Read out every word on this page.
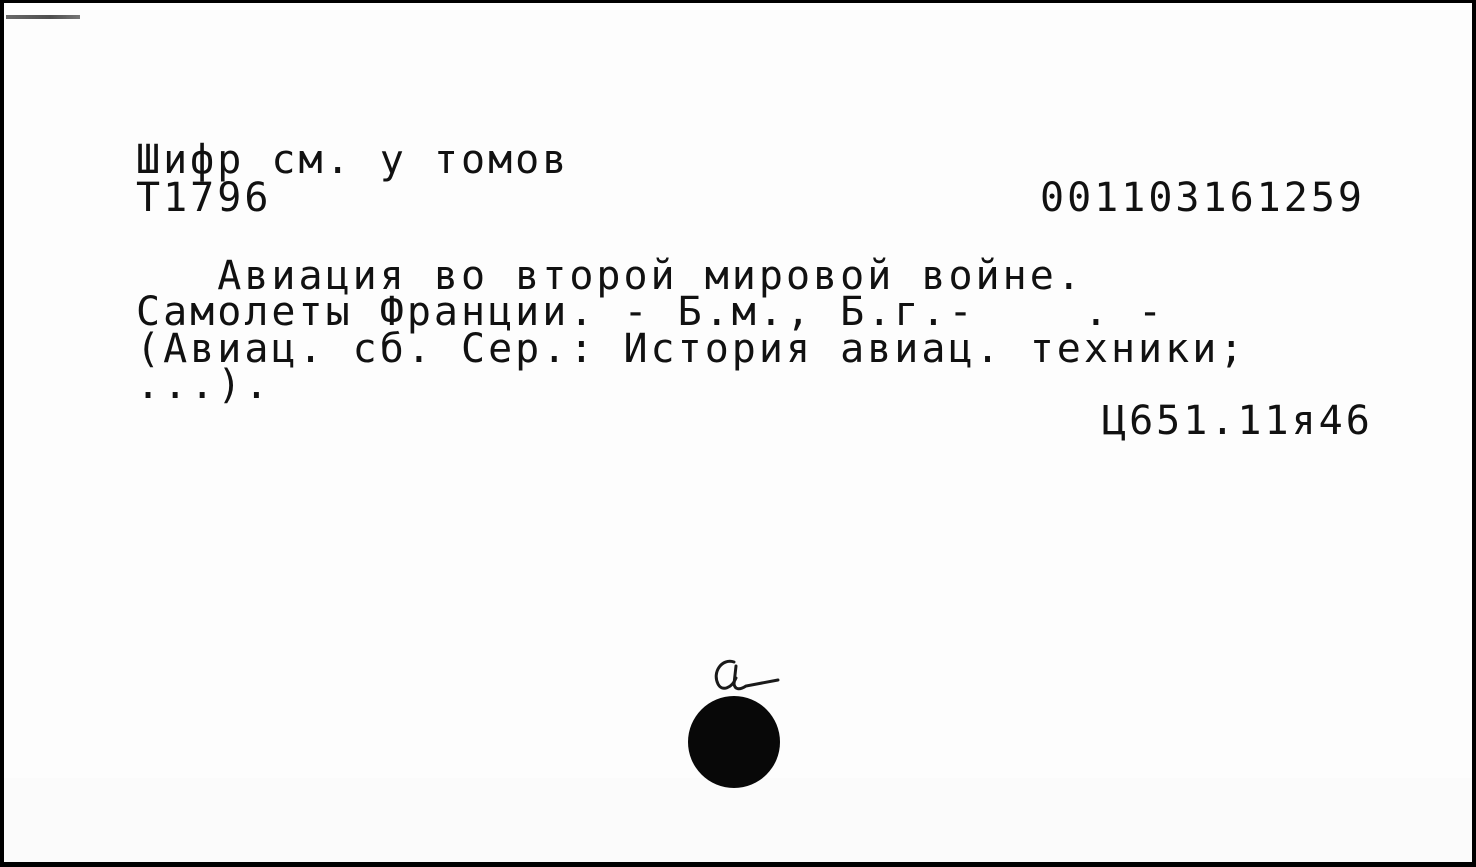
Шифр см. у томов
Т1796	00110З161259
Авиация во второй мировой войне.
Самолеты Франции. - Б.м., Б.г.-    . -
(Авиац. сб. Сер.: История авиац. техники;
...).
Ц651.11я46
